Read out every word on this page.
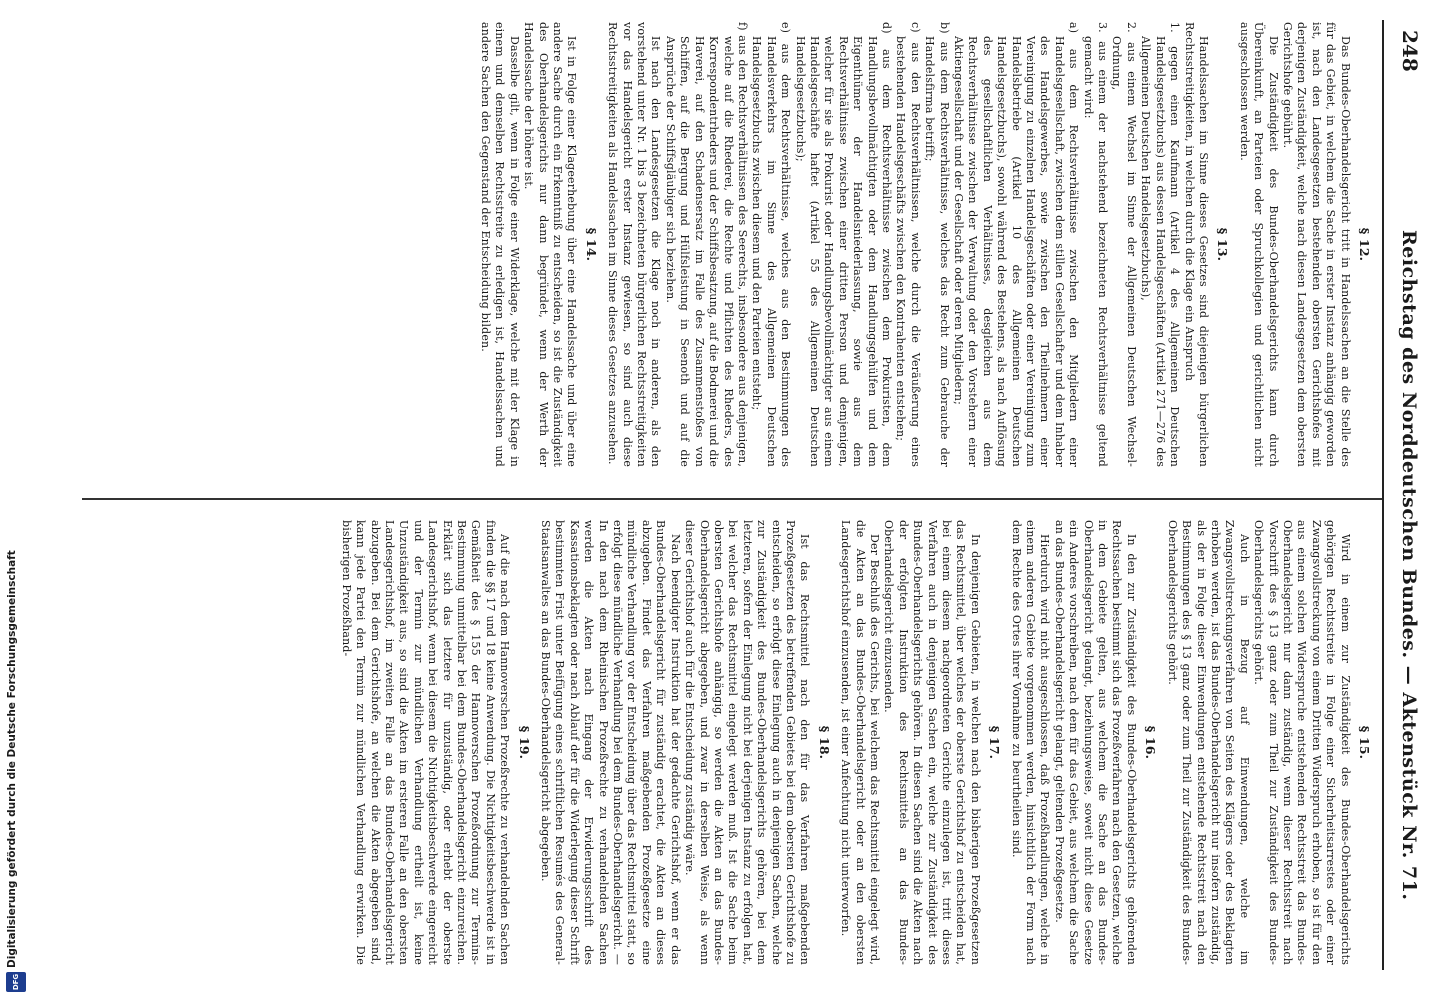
248
Reichstag des Norddeutschen Bundes. — Aktenstück Nr. 71.
§ 12.

Das Bundes-Oberhandelsgericht tritt in Handelssachen an die Stelle des für das Gebiet, in welchem die Sache in erster Instanz anhängig geworden ist, nach den Landesgesetzen bestehenden obersten Gerichtshofes mit derjenigen Zuständigkeit, welche nach diesen Landesgesetzen dem obersten Gerichtshofe gebührt.

Die Zuständigkeit des Bundes-Oberhandelsgerichts kann durch Übereinkunft, an Parteien oder Spruchkollegien und gerichtlichen nicht ausgeschlossen werden.

§ 13.

Handelssachen im Sinne dieses Gesetzes sind diejenigen bürgerlichen Rechtsstreitigkeiten, in welchen durch die Klage ein Anspruch

1. gegen einen Kaufmann (Artikel 4 des Allgemeinen Deutschen Handelsgesetzbuchs) aus dessen Handelsgeschäften (Artikel 271—276 des Allgemeinen Deutschen Handelsgesetzbuchs),

2. aus einem Wechsel im Sinne der Allgemeinen Deutschen Wechsel-Ordnung,

3. aus einem der nachstehend bezeichneten Rechtsverhältnisse geltend gemacht wird:

a) aus dem Rechtsverhältnisse zwischen den Mitgliedern einer Handelsgesellschaft, zwischen dem stillen Gesellschafter und dem Inhaber des Handelsgewerbes, sowie zwischen den Theilnehmern einer Vereinigung zu einzelnen Handelsgeschäften oder einer Vereinigung zum Handelsbetriebe (Artikel 10 des Allgemeinen Deutschen Handelsgesetzbuchs), sowohl während des Bestehens, als nach Auflösung des gesellschaftlichen Verhältnisses, desgleichen aus dem Rechtsverhältnisse zwischen der Verwaltung oder den Vorstehern einer Aktiengesellschaft und der Gesellschaft oder deren Mitgliedern;

b) aus dem Rechtsverhältnisse, welches das Recht zum Gebrauche der Handelsfirma betrifft;

c) aus den Rechtsverhältnissen, welche durch die Veräußerung eines bestehenden Handelsgeschäfts zwischen den Kontrahenten entstehen;

d) aus dem Rechtsverhältnisse zwischen dem Prokuristen, dem Handlungsbevollmächtigten oder dem Handlungsgehülfen und dem Eigenthümer der Handelsniederlassung, sowie aus dem Rechtsverhältnisse zwischen einer dritten Person und demjenigen, welcher für sie als Prokurist oder Handlungsbevollmächtigter aus einem Handelsgeschäfte haftet (Artikel 55 des Allgemeinen Deutschen Handelsgesetzbuchs);

e) aus dem Rechtsverhältnisse, welches aus den Bestimmungen des Handelsverkehrs im Sinne des Allgemeinen Deutschen Handelsgesetzbuchs zwischen diesem und den Parteien entsteht;

f) aus den Rechtsverhältnissen des Seerechts, insbesondere aus denjenigen, welche auf die Rhederei, die Rechte und Pflichten des Rheders, des Korrespondentrheders und der Schiffsbesatzung, auf die Bodmerei und die Haverei, auf den Schadensersatz im Falle des Zusammenstoßes von Schiffen, auf die Bergung und Hülfsleistung in Seenoth und auf die Ansprüche der Schiffsgläubiger sich beziehen.

Ist nach den Landesgesetzen die Klage noch in anderen, als den vorstehend unter Nr. 1 bis 3 bezeichneten bürgerlichen Rechtsstreitigkeiten vor das Handelsgericht erster Instanz gewiesen, so sind auch diese Rechtsstreitigkeiten als Handelssachen im Sinne dieses Gesetzes anzusehen.

§ 14.

Ist in Folge einer Klageerhebung über eine Handelssache und über eine andere Sache durch ein Erkenntniß zu entscheiden, so ist die Zuständigkeit des Oberhandelsgerichts nur dann begründet, wenn der Werth der Handelssache der höhere ist.

Dasselbe gilt, wenn in Folge einer Widerklage, welche mit der Klage in einem und demselben Rechtsstreite zu erledigen ist, Handelssachen und andere Sachen den Gegenstand der Entscheidung bilden.

§ 15.

Wird in einem zur Zuständigkeit des Bundes-Oberhandelsgerichts gehörigen Rechtsstreite in Folge einer Sicherheitsarrestes oder einer Zwangsvollstreckung von einem Dritten Widerspruch erhoben, so ist für den aus einem solchen Widerspruche entstehenden Rechtsstreit das Bundes-Oberhandelsgericht nur dann zuständig, wenn dieser Rechtsstreit nach Vorschrift des § 13 ganz oder zum Theil zur Zuständigkeit des Bundes-Oberhandelsgerichts gehört.

Auch in Bezug auf Einwendungen, welche im Zwangsvollstreckungsverfahren von Seiten des Klägers oder des Beklagten erhoben werden, ist das Bundes-Oberhandelsgericht nur insofern zuständig, als der in Folge dieser Einwendungen entstehende Rechtsstreit nach den Bestimmungen des § 13 ganz oder zum Theil zur Zuständigkeit des Bundes-Oberhandelsgerichts gehört.

§ 16.

In den zur Zuständigkeit des Bundes-Oberhandelsgerichts gehörenden Rechtssachen bestimmt sich das Prozeßverfahren nach den Gesetzen, welche in dem Gebiete gelten, aus welchem die Sache an das Bundes-Oberhandelsgericht gelangt, beziehungsweise, soweit nicht diese Gesetze ein Anderes vorschreiben, nach dem für das Gebiet, aus welchem die Sache an das Bundes-Oberhandelsgericht gelangt, geltenden Prozeßgesetze.

Hierdurch wird nicht ausgeschlossen, daß Prozeßhandlungen, welche in einem anderen Gebiete vorgenommen werden, hinsichtlich der Form nach dem Rechte des Ortes ihrer Vornahme zu beurtheilen sind.

§ 17.

In denjenigen Gebieten, in welchen nach den bisherigen Prozeßgesetzen das Rechtsmittel, über welches der oberste Gerichtshof zu entscheiden hat, bei einem diesem nachgeordneten Gerichte einzulegen ist, tritt dieses Verfahren auch in denjenigen Sachen ein, welche zur Zuständigkeit des Bundes-Oberhandelsgerichts gehören. In diesen Sachen sind die Akten nach der erfolgten Instruktion des Rechtsmittels an das Bundes-Oberhandelsgericht einzusenden.

Der Beschluß des Gerichts, bei welchem das Rechtsmittel eingelegt wird, die Akten an das Bundes-Oberhandelsgericht oder an den obersten Landesgerichtshof einzusenden, ist einer Anfechtung nicht unterworfen.

§ 18.

Ist das Rechtsmittel nach den für das Verfahren maßgebenden Prozeßgesetzen des betreffenden Gebietes bei dem obersten Gerichtshofe zu entscheiden, so erfolgt diese Einlegung auch in denjenigen Sachen, welche zur Zuständigkeit des Bundes-Oberhandelsgerichts gehören, bei dem letzteren, sofern der Einlegung nicht bei derjenigen Instanz zu erfolgen hat, bei welcher das Rechtsmittel eingelegt werden muß. Ist die Sache beim obersten Gerichtshofe anhängig, so werden die Akten an das Bundes-Oberhandelsgericht abgegeben, und zwar in derselben Weise, als wenn dieser Gerichtshof auch für die Entscheidung zuständig wäre.

Nach beendigter Instruktion hat der gedachte Gerichtshof, wenn er das Bundes-Oberhandelsgericht für zuständig erachtet, die Akten an dieses abzugeben. Findet das Verfahren maßgebenden Prozeßgesetze eine mündliche Verhandlung vor der Entscheidung über das Rechtsmittel statt, so erfolgt diese mündliche Verhandlung bei dem Bundes-Oberhandelsgericht. — In den nach dem Rheinischen Prozeßrechte zu verhandelnden Sachen werden die Akten nach Eingang der Erwiderungsschrift des Kassationsbeklagten oder nach Ablauf der für die Widerlegung dieser Schrift bestimmten Frist unter Beifügung eines schriftlichen Resumés des General-Staatsanwaltes an das Bundes-Oberhandelsgericht abgegeben.

§ 19.

Auf die nach dem Hannoverschen Prozeßrechte zu verhandelnden Sachen finden die §§ 17 und 18 keine Anwendung. Die Nichtigkeitsbeschwerde ist in Gemäßheit des § 155 der Hannoverschen Prozeßordnung zur Termins-Bestimmung unmittelbar bei dem Bundes-Oberhandelsgericht einzureichen. Erklärt sich das letztere für unzuständig, oder erhebt der oberste Landesgerichtshof, wenn bei diesem die Nichtigkeitsbeschwerde eingereicht und der Termin zur mündlichen Verhandlung ertheilt ist, keine Unzuständigkeit aus, so sind die Akten im ersteren Falle an den obersten Landesgerichtshof, im zweiten Falle an das Bundes-Oberhandelsgericht abzugeben. Bei dem Gerichtshofe, an welchen die Akten abgegeben sind, kann jede Partei den Termin zur mündlichen Verhandlung erwirken. Die bisherigen Prozeßhand-

Digitalisierung gefördert durch die Deutsche Forschungsgemeinschaft
DFG
